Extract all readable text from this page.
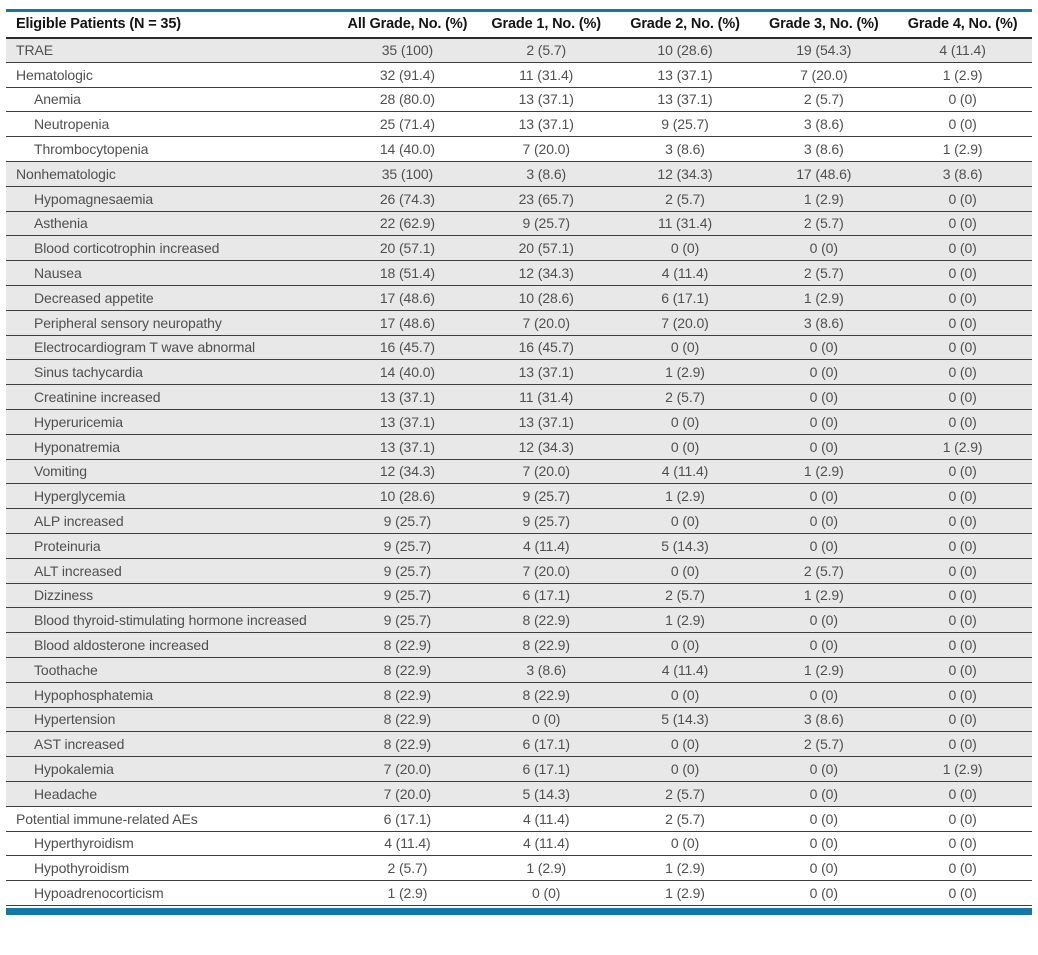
Eligible Patients (N = 35)	All Grade, No. (%)	Grade 1, No. (%)	Grade 2, No. (%)	Grade 3, No. (%)	Grade 4, No. (%)
TRAE	35 (100)	2 (5.7)	10 (28.6)	19 (54.3)	4 (11.4)
Hematologic	32 (91.4)	11 (31.4)	13 (37.1)	7 (20.0)	1 (2.9)
Anemia	28 (80.0)	13 (37.1)	13 (37.1)	2 (5.7)	0 (0)
Neutropenia	25 (71.4)	13 (37.1)	9 (25.7)	3 (8.6)	0 (0)
Thrombocytopenia	14 (40.0)	7 (20.0)	3 (8.6)	3 (8.6)	1 (2.9)
Nonhematologic	35 (100)	3 (8.6)	12 (34.3)	17 (48.6)	3 (8.6)
Hypomagnesaemia	26 (74.3)	23 (65.7)	2 (5.7)	1 (2.9)	0 (0)
Asthenia	22 (62.9)	9 (25.7)	11 (31.4)	2 (5.7)	0 (0)
Blood corticotrophin increased	20 (57.1)	20 (57.1)	0 (0)	0 (0)	0 (0)
Nausea	18 (51.4)	12 (34.3)	4 (11.4)	2 (5.7)	0 (0)
Decreased appetite	17 (48.6)	10 (28.6)	6 (17.1)	1 (2.9)	0 (0)
Peripheral sensory neuropathy	17 (48.6)	7 (20.0)	7 (20.0)	3 (8.6)	0 (0)
Electrocardiogram T wave abnormal	16 (45.7)	16 (45.7)	0 (0)	0 (0)	0 (0)
Sinus tachycardia	14 (40.0)	13 (37.1)	1 (2.9)	0 (0)	0 (0)
Creatinine increased	13 (37.1)	11 (31.4)	2 (5.7)	0 (0)	0 (0)
Hyperuricemia	13 (37.1)	13 (37.1)	0 (0)	0 (0)	0 (0)
Hyponatremia	13 (37.1)	12 (34.3)	0 (0)	0 (0)	1 (2.9)
Vomiting	12 (34.3)	7 (20.0)	4 (11.4)	1 (2.9)	0 (0)
Hyperglycemia	10 (28.6)	9 (25.7)	1 (2.9)	0 (0)	0 (0)
ALP increased	9 (25.7)	9 (25.7)	0 (0)	0 (0)	0 (0)
Proteinuria	9 (25.7)	4 (11.4)	5 (14.3)	0 (0)	0 (0)
ALT increased	9 (25.7)	7 (20.0)	0 (0)	2 (5.7)	0 (0)
Dizziness	9 (25.7)	6 (17.1)	2 (5.7)	1 (2.9)	0 (0)
Blood thyroid-stimulating hormone increased	9 (25.7)	8 (22.9)	1 (2.9)	0 (0)	0 (0)
Blood aldosterone increased	8 (22.9)	8 (22.9)	0 (0)	0 (0)	0 (0)
Toothache	8 (22.9)	3 (8.6)	4 (11.4)	1 (2.9)	0 (0)
Hypophosphatemia	8 (22.9)	8 (22.9)	0 (0)	0 (0)	0 (0)
Hypertension	8 (22.9)	0 (0)	5 (14.3)	3 (8.6)	0 (0)
AST increased	8 (22.9)	6 (17.1)	0 (0)	2 (5.7)	0 (0)
Hypokalemia	7 (20.0)	6 (17.1)	0 (0)	0 (0)	1 (2.9)
Headache	7 (20.0)	5 (14.3)	2 (5.7)	0 (0)	0 (0)
Potential immune-related AEs	6 (17.1)	4 (11.4)	2 (5.7)	0 (0)	0 (0)
Hyperthyroidism	4 (11.4)	4 (11.4)	0 (0)	0 (0)	0 (0)
Hypothyroidism	2 (5.7)	1 (2.9)	1 (2.9)	0 (0)	0 (0)
Hypoadrenocorticism	1 (2.9)	0 (0)	1 (2.9)	0 (0)	0 (0)
